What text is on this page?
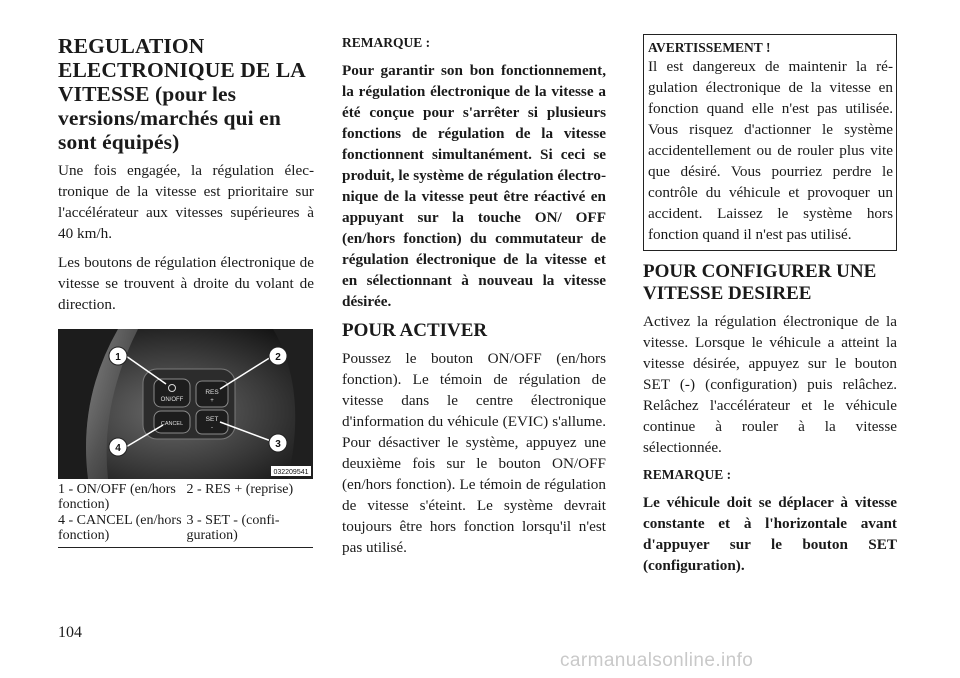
REGULATION ELECTRONIQUE DE LA VITESSE (pour les versions/marchés qui en sont équipés)

Une fois engagée, la régulation électronique de la vitesse est prioritaire sur l'accélérateur aux vitesses supérieures à 40 km/h.

Les boutons de régulation électronique de vitesse se trouvent à droite du volant de direction.

ON/OFF
RES
+
CANCEL
SET
-
1	2
3
4
032209541
1 - ON/OFF (en/hors fonction)
2 - RES + (reprise)
4 - CANCEL (en/hors fonction)
3 - SET - (configuration)

REMARQUE :

Pour garantir son bon fonctionnement, la régulation électronique de la vitesse a été conçue pour s'arrêter si plusieurs fonctions de régulation de la vitesse fonctionnent simultanément. Si ceci se produit, le système de régulation électronique de la vitesse peut être réactivé en appuyant sur la touche ON/ OFF (en/hors fonction) du commutateur de régulation électronique de la vitesse et en sélectionnant à nouveau la vitesse désirée.

POUR ACTIVER

Poussez le bouton ON/OFF (en/hors fonction). Le témoin de régulation de vitesse dans le centre électronique d'information du véhicule (EVIC) s'allume. Pour désactiver le système, appuyez une deuxième fois sur le bouton ON/OFF (en/hors fonction). Le témoin de régulation de vitesse s'éteint. Le système devrait toujours être hors fonction lorsqu'il n'est pas utilisé.

AVERTISSEMENT !

Il est dangereux de maintenir la régulation électronique de la vitesse en fonction quand elle n'est pas utilisée. Vous risquez d'actionner le système accidentellement ou de rouler plus vite que désiré. Vous pourriez perdre le contrôle du véhicule et provoquer un accident. Laissez le système hors fonction quand il n'est pas utilisé.

POUR CONFIGURER UNE VITESSE DESIREE

Activez la régulation électronique de la vitesse. Lorsque le véhicule a atteint la vitesse désirée, appuyez sur le bouton SET (-) (configuration) puis relâchez. Relâchez l'accélérateur et le véhicule continue à rouler à la vitesse sélectionnée.

REMARQUE :

Le véhicule doit se déplacer à vitesse constante et à l'horizontale avant d'appuyer sur le bouton SET (configuration).

104
carmanualsonline.info
